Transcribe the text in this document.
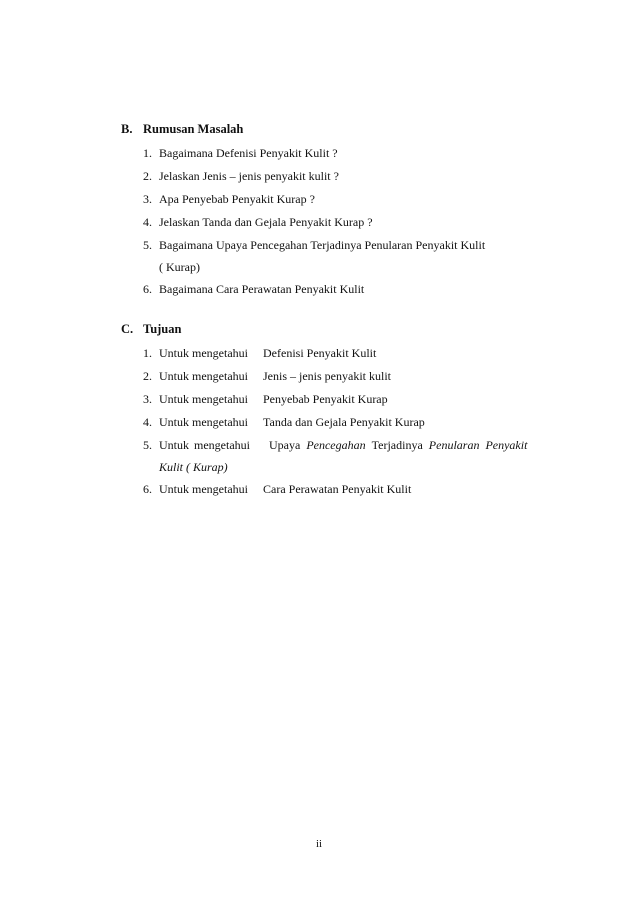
B. Rumusan Masalah
1. Bagaimana Defenisi Penyakit Kulit ?
2. Jelaskan Jenis – jenis penyakit kulit ?
3. Apa Penyebab Penyakit Kurap ?
4. Jelaskan Tanda dan Gejala Penyakit Kurap ?
5. Bagaimana Upaya Pencegahan Terjadinya Penularan Penyakit Kulit
( Kurap)
6. Bagaimana Cara Perawatan Penyakit Kulit
C. Tujuan
1. Untuk mengetahui Defenisi Penyakit Kulit
2. Untuk mengetahui Jenis – jenis penyakit kulit
3. Untuk mengetahui Penyebab Penyakit Kurap
4. Untuk mengetahui Tanda dan Gejala Penyakit Kurap
5. Untuk mengetahui Upaya Pencegahan Terjadinya Penularan Penyakit
Kulit ( Kurap)
6. Untuk mengetahui Cara Perawatan Penyakit Kulit
ii
